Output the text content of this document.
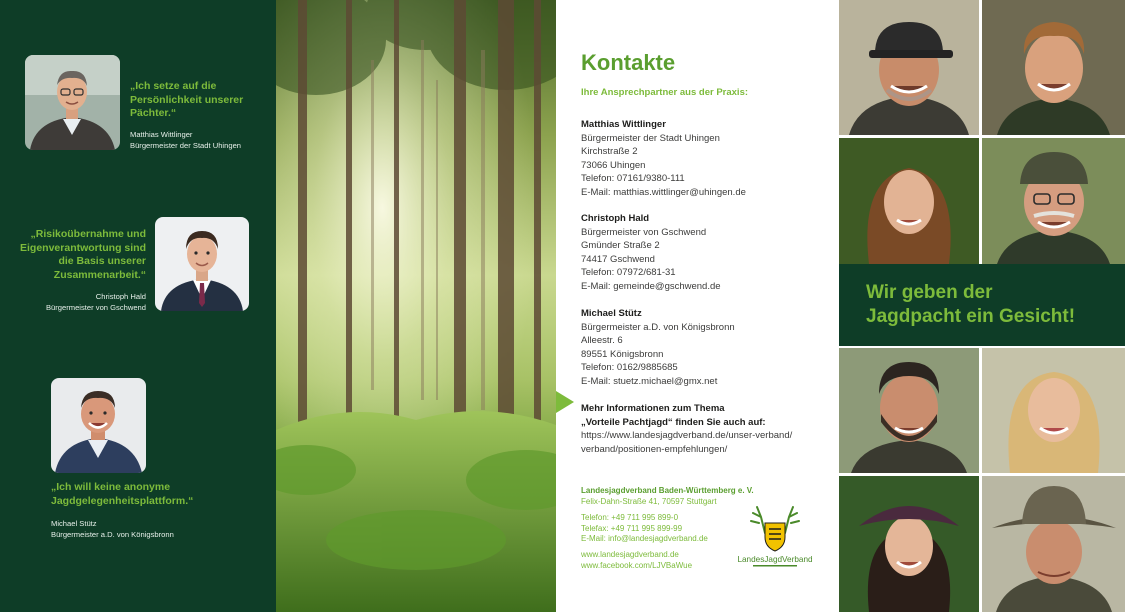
„Ich setze auf die Persönlichkeit unserer Pächter.“
Matthias Wittlinger
Bürgermeister der Stadt Uhingen
„Risikoübernahme und Eigenverantwortung sind die Basis unserer Zusammenarbeit.“
Christoph Hald
Bürgermeister von Gschwend
„Ich will keine anonyme Jagdgelegenheitsplattform.“
Michael Stütz
Bürgermeister a.D. von Königsbronn
Kontakte
Ihre Ansprechpartner aus der Praxis:
Matthias Wittlinger
Bürgermeister der Stadt Uhingen
Kirchstraße 2
73066 Uhingen
Telefon: 07161/9380-111
E-Mail: matthias.wittlinger@uhingen.de
Christoph Hald
Bürgermeister von Gschwend
Gmünder Straße 2
74417 Gschwend
Telefon: 07972/681-31
E-Mail: gemeinde@gschwend.de
Michael Stütz
Bürgermeister a.D. von Königsbronn
Alleestr. 6
89551 Königsbronn
Telefon: 0162/9885685
E-Mail: stuetz.michael@gmx.net
Mehr Informationen zum Thema
„Vorteile Pachtjagd“ finden Sie auch auf:
https://www.landesjagdverband.de/unser-verband/
verband/positionen-empfehlungen/
Landesjagdverband Baden-Württemberg e. V.
Felix-Dahn-Straße 41, 70597 Stuttgart
Telefon: +49 711 995 899-0
Telefax: +49 711 995 899-99
E-Mail: info@landesjagdverband.de
www.landesjagdverband.de
www.facebook.com/LJVBaWue
LandesJagdVerband
Wir geben der
Jagdpacht ein Gesicht!
